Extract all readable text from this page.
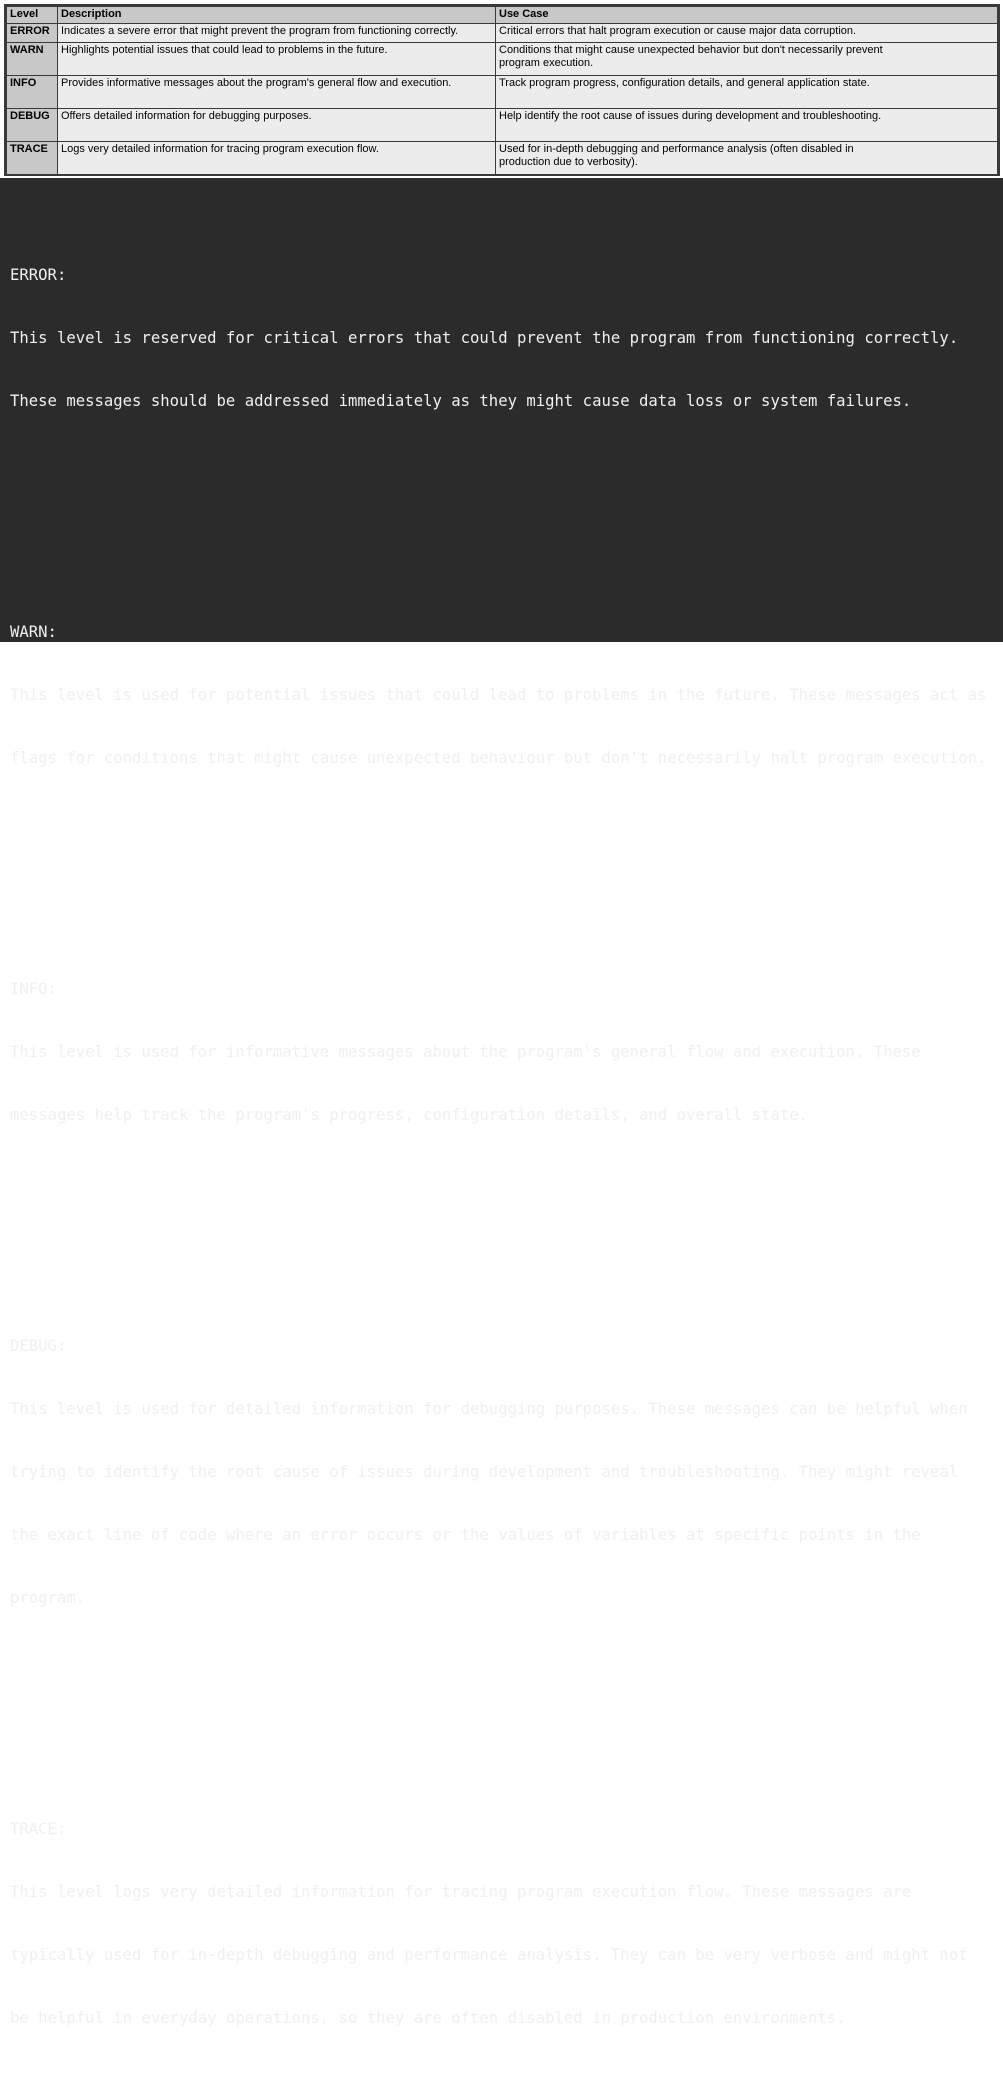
Level	Description	Use Case
ERROR	Indicates a severe error that might prevent the program from functioning correctly.	Critical errors that halt program execution or cause major data corruption.

WARN	Highlights potential issues that could lead to problems in the future.	Conditions that might cause unexpected behavior but don't necessarily prevent program execution.

INFO	Provides informative messages about the program's general flow and execution.	Track program progress, configuration details, and general application state.

DEBUG	Offers detailed information for debugging purposes.	Help identify the root cause of issues during development and troubleshooting.

TRACE	Logs very detailed information for tracing program execution flow.	Used for in-depth debugging and performance analysis (often disabled in production due to verbosity).

ERROR:

This level is reserved for critical errors that could prevent the program from functioning correctly.

These messages should be addressed immediately as they might cause data loss or system failures.

WARN:

This level is used for potential issues that could lead to problems in the future. These messages act as

flags for conditions that might cause unexpected behaviour but don't necessarily halt program execution.

INFO:

This level is used for informative messages about the program's general flow and execution. These

messages help track the program's progress, configuration details, and overall state.

DEBUG:

This level is used for detailed information for debugging purposes. These messages can be helpful when

trying to identify the root cause of issues during development and troubleshooting. They might reveal

the exact line of code where an error occurs or the values of variables at specific points in the

program.

TRACE:

This level logs very detailed information for tracing program execution flow. These messages are

typically used for in-depth debugging and performance analysis. They can be very verbose and might not

be helpful in everyday operations, so they are often disabled in production environments.
